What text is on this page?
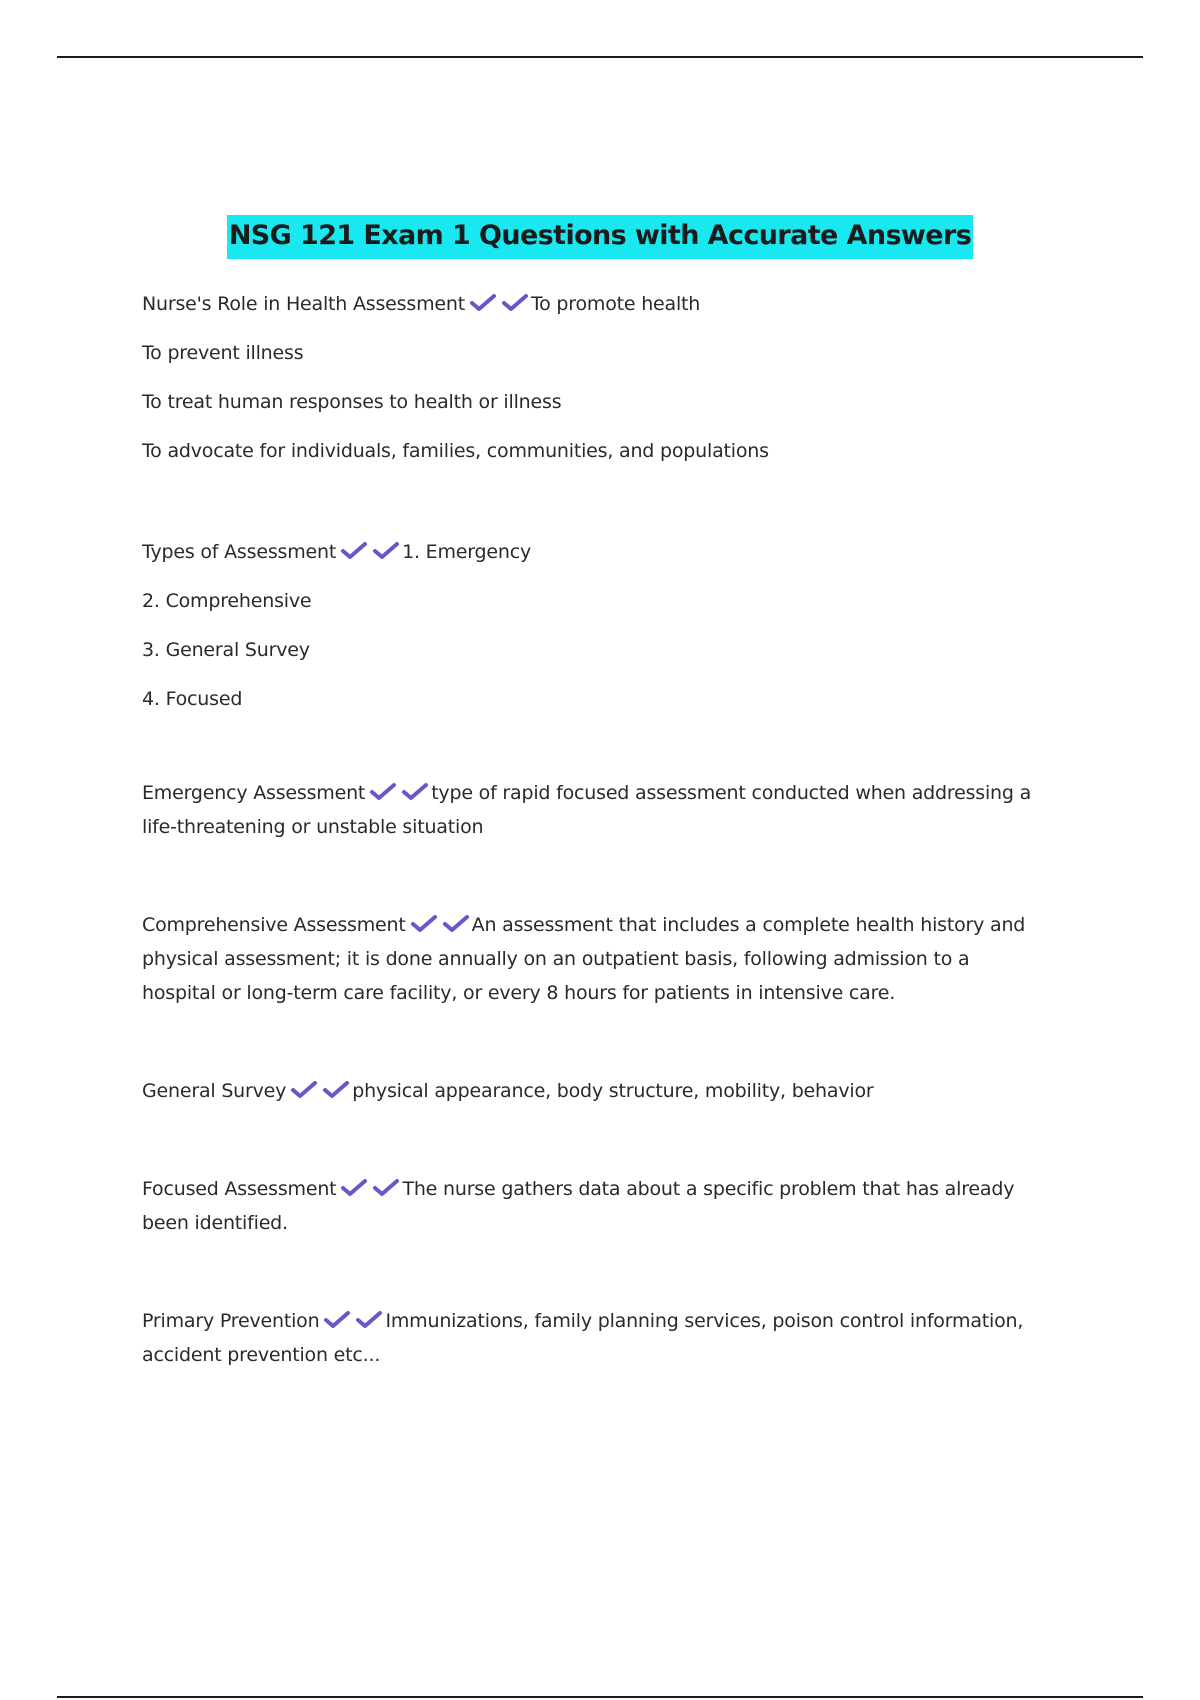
NSG 121 Exam 1 Questions with Accurate Answers

Nurse's Role in Health Assessment	To promote health

To prevent illness

To treat human responses to health or illness

To advocate for individuals, families, communities, and populations

Types of Assessment	1. Emergency

2. Comprehensive

3. General Survey

4. Focused

Emergency Assessment	type of rapid focused assessment conducted when addressing a

life-threatening or unstable situation

Comprehensive Assessment	An assessment that includes a complete health history and

physical assessment; it is done annually on an outpatient basis, following admission to a

hospital or long-term care facility, or every 8 hours for patients in intensive care.

General Survey	physical appearance, body structure, mobility, behavior

Focused Assessment	The nurse gathers data about a specific problem that has already

been identified.

Primary Prevention	Immunizations, family planning services, poison control information,

accident prevention etc...
